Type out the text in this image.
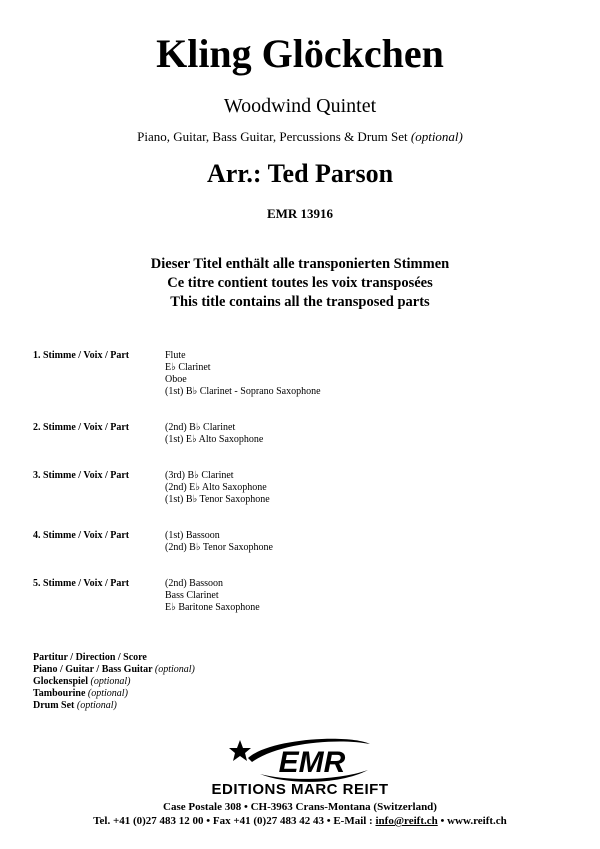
Kling Glöckchen
Woodwind Quintet
Piano, Guitar, Bass Guitar, Percussions & Drum Set (optional)
Arr.: Ted Parson
EMR 13916
Dieser Titel enthält alle transponierten Stimmen
Ce titre contient toutes les voix transposées
This title contains all the transposed parts
1. Stimme / Voix / Part	Flute
E♭ Clarinet
Oboe
(1st) B♭ Clarinet - Soprano Saxophone
2. Stimme / Voix / Part	(2nd) B♭ Clarinet
(1st) E♭ Alto Saxophone
3. Stimme / Voix / Part	(3rd) B♭ Clarinet
(2nd) E♭ Alto Saxophone
(1st) B♭ Tenor Saxophone
4. Stimme / Voix / Part	(1st) Bassoon
(2nd) B♭ Tenor Saxophone
5. Stimme / Voix / Part	(2nd) Bassoon
Bass Clarinet
E♭ Baritone Saxophone
Partitur / Direction / Score
Piano / Guitar / Bass Guitar (optional)
Glockenspiel (optional)
Tambourine (optional)
Drum Set (optional)
EMR
EDITIONS MARC REIFT
Case Postale 308 • CH-3963 Crans-Montana (Switzerland)
Tel. +41 (0)27 483 12 00 • Fax +41 (0)27 483 42 43 • E-Mail : info@reift.ch • www.reift.ch
